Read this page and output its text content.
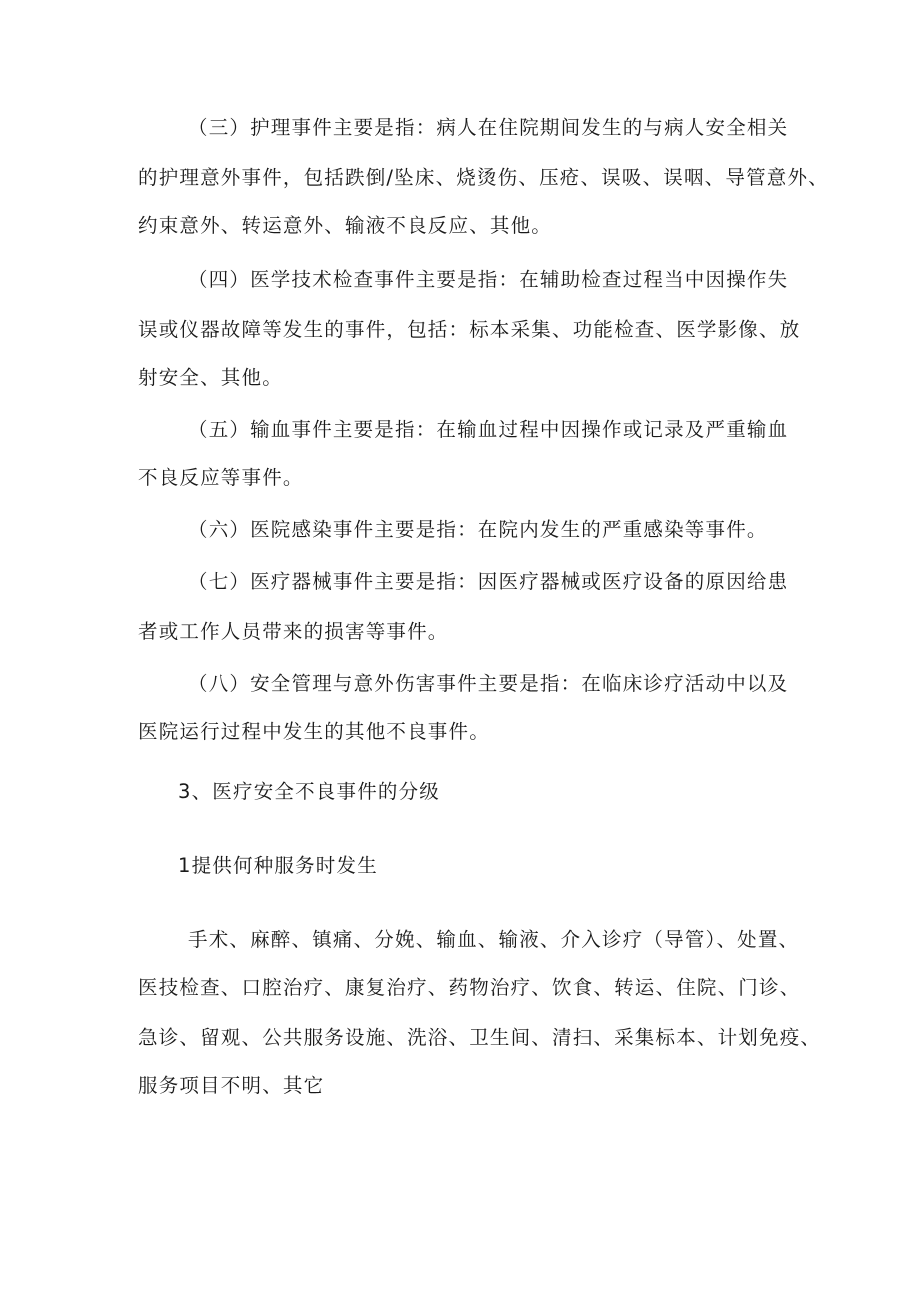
（三）护理事件主要是指：病人在住院期间发生的与病人安全相关
的护理意外事件，包括跌倒/坠床、烧烫伤、压疮、误吸、误咽、导管意外、
约束意外、转运意外、输液不良反应、其他。
（四）医学技术检查事件主要是指：在辅助检查过程当中因操作失
误或仪器故障等发生的事件，包括：标本采集、功能检查、医学影像、放
射安全、其他。
（五）输血事件主要是指：在输血过程中因操作或记录及严重输血
不良反应等事件。
（六）医院感染事件主要是指：在院内发生的严重感染等事件。
（七）医疗器械事件主要是指：因医疗器械或医疗设备的原因给患
者或工作人员带来的损害等事件。
（八）安全管理与意外伤害事件主要是指：在临床诊疗活动中以及
医院运行过程中发生的其他不良事件。
3、医疗安全不良事件的分级
1提供何种服务时发生
手术、麻醉、镇痛、分娩、输血、输液、介入诊疗（导管）、处置、
医技检查、口腔治疗、康复治疗、药物治疗、饮食、转运、住院、门诊、
急诊、留观、公共服务设施、洗浴、卫生间、清扫、采集标本、计划免疫、
服务项目不明、其它
